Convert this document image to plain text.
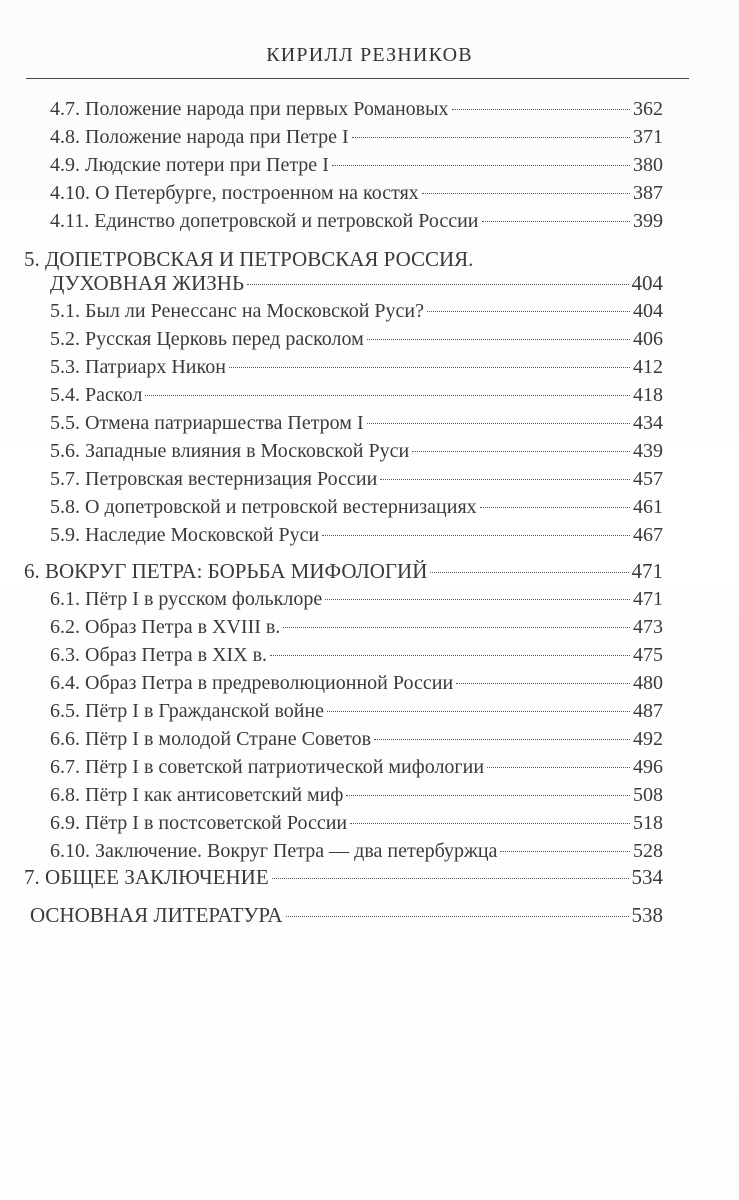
КИРИЛЛ РЕЗНИКОВ
4.7. Положение народа при первых Романовых	362
4.8. Положение народа при Петре I	371
4.9. Людские потери при Петре I	380
4.10. О Петербурге, построенном на костях	387
4.11. Единство допетровской и петровской России	399
5. ДОПЕТРОВСКАЯ И ПЕТРОВСКАЯ РОССИЯ.
ДУХОВНАЯ ЖИЗНЬ	404
5.1. Был ли Ренессанс на Московской Руси?	404
5.2. Русская Церковь перед расколом	406
5.3. Патриарх Никон	412
5.4. Раскол	418
5.5. Отмена патриаршества Петром I	434
5.6. Западные влияния в Московской Руси	439
5.7. Петровская вестернизация России	457
5.8. О допетровской и петровской вестернизациях	461
5.9. Наследие Московской Руси	467
6. ВОКРУГ ПЕТРА: БОРЬБА МИФОЛОГИЙ	471
6.1. Пётр I в русском фольклоре	471
6.2. Образ Петра в XVIII в.	473
6.3. Образ Петра в XIX в.	475
6.4. Образ Петра в предреволюционной России	480
6.5. Пётр I в Гражданской войне	487
6.6. Пётр I в молодой Стране Советов	492
6.7. Пётр I в советской патриотической мифологии	496
6.8. Пётр I как антисоветский миф	508
6.9. Пётр I в постсоветской России	518
6.10. Заключение. Вокруг Петра — два петербуржца	528
7. ОБЩЕЕ ЗАКЛЮЧЕНИЕ	534
ОСНОВНАЯ ЛИТЕРАТУРА	538
